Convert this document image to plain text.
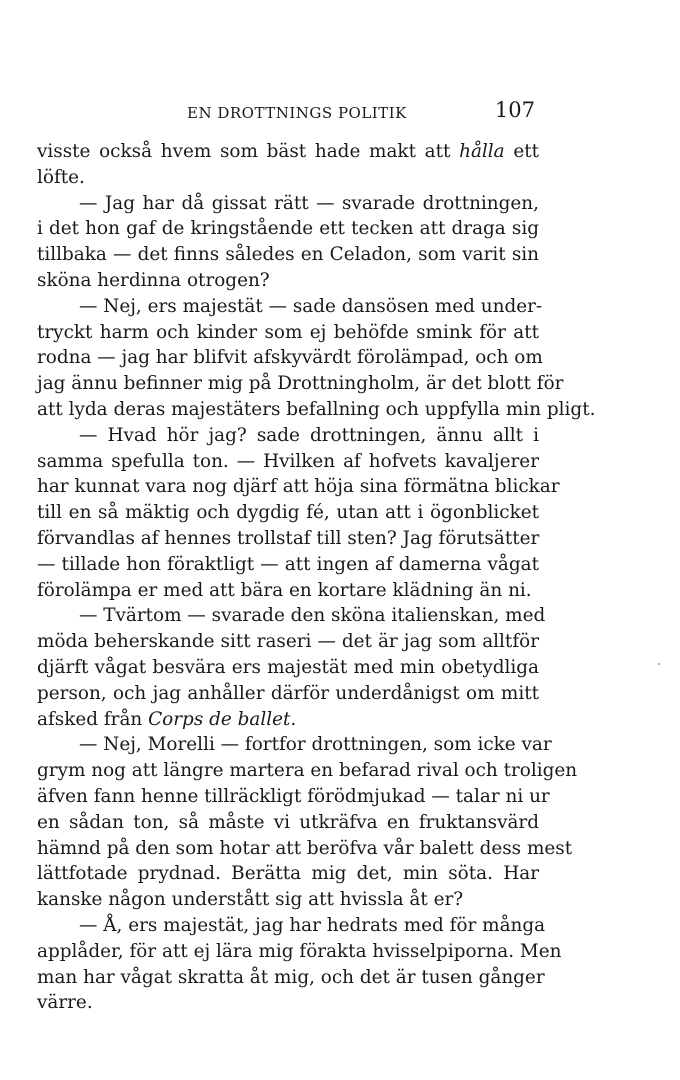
EN DROTTNINGS POLITIK	107
visste också hvem som bäst hade makt att hålla ett
löfte.
— Jag har då gissat rätt — svarade drottningen,
i det hon gaf de kringstående ett tecken att draga sig
tillbaka — det finns således en Celadon, som varit sin
sköna herdinna otrogen?
— Nej, ers majestät — sade dansösen med under-
tryckt harm och kinder som ej behöfde smink för att
rodna — jag har blifvit afskyvärdt förolämpad, och om
jag ännu befinner mig på Drottningholm, är det blott för
att lyda deras majestäters befallning och uppfylla min pligt.
— Hvad hör jag? sade drottningen, ännu allt i
samma spefulla ton. — Hvilken af hofvets kavaljerer
har kunnat vara nog djärf att höja sina förmätna blickar
till en så mäktig och dygdig fé, utan att i ögonblicket
förvandlas af hennes trollstaf till sten? Jag förutsätter
— tillade hon föraktligt — att ingen af damerna vågat
förolämpa er med att bära en kortare klädning än ni.
— Tvärtom — svarade den sköna italienskan, med
möda beherskande sitt raseri — det är jag som alltför
djärft vågat besvära ers majestät med min obetydliga
person, och jag anhåller därför underdånigst om mitt
afsked från Corps de ballet.
— Nej, Morelli — fortfor drottningen, som icke var
grym nog att längre martera en befarad rival och troligen
äfven fann henne tillräckligt förödmjukad — talar ni ur
en sådan ton, så måste vi utkräfva en fruktansvärd
hämnd på den som hotar att beröfva vår balett dess mest
lättfotade prydnad. Berätta mig det, min söta. Har
kanske någon understått sig att hvissla åt er?
— Å, ers majestät, jag har hedrats med för många
applåder, för att ej lära mig förakta hvisselpiporna. Men
man har vågat skratta åt mig, och det är tusen gånger
värre.
